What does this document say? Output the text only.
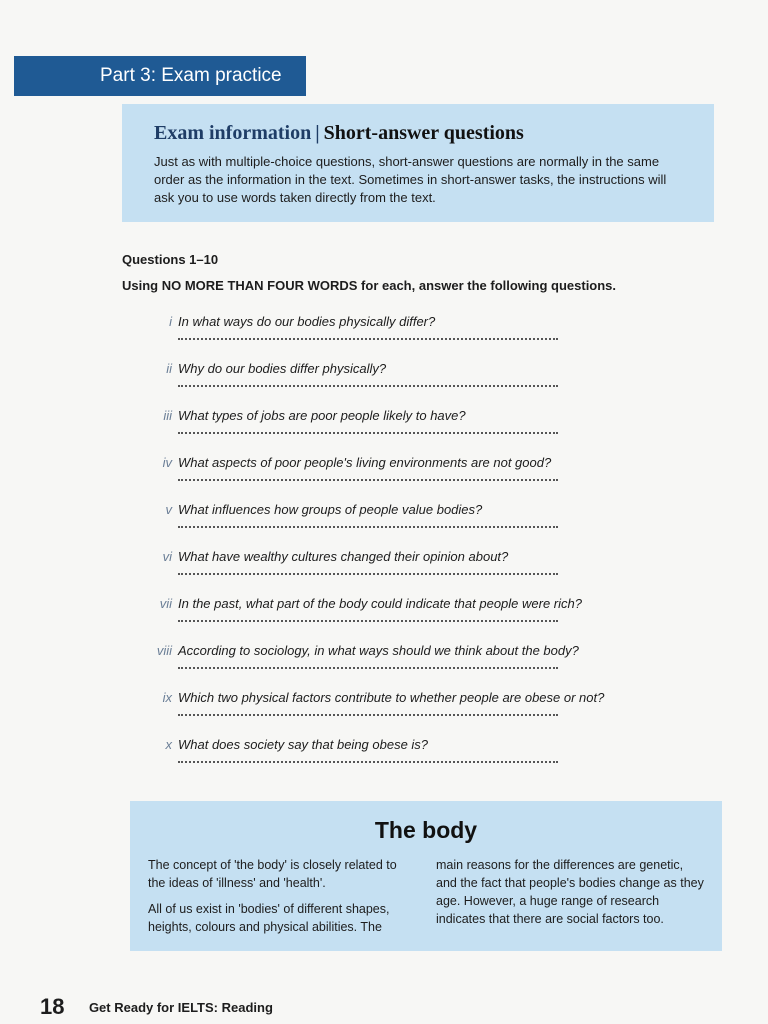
Part 3: Exam practice
Exam information | Short-answer questions

Just as with multiple-choice questions, short-answer questions are normally in the same order as the information in the text. Sometimes in short-answer tasks, the instructions will ask you to use words taken directly from the text.

Questions 1–10
Using NO MORE THAN FOUR WORDS for each, answer the following questions.
i In what ways do our bodies physically differ?
ii Why do our bodies differ physically?
iii What types of jobs are poor people likely to have?
iv What aspects of poor people's living environments are not good?
v What influences how groups of people value bodies?
vi What have wealthy cultures changed their opinion about?
vii In the past, what part of the body could indicate that people were rich?
viii According to sociology, in what ways should we think about the body?
ix Which two physical factors contribute to whether people are obese or not?
x What does society say that being obese is?
The body

The concept of 'the body' is closely related to the ideas of 'illness' and 'health'.

All of us exist in 'bodies' of different shapes, heights, colours and physical abilities. The

main reasons for the differences are genetic, and the fact that people's bodies change as they age. However, a huge range of research indicates that there are social factors too.

18 Get Ready for IELTS: Reading
